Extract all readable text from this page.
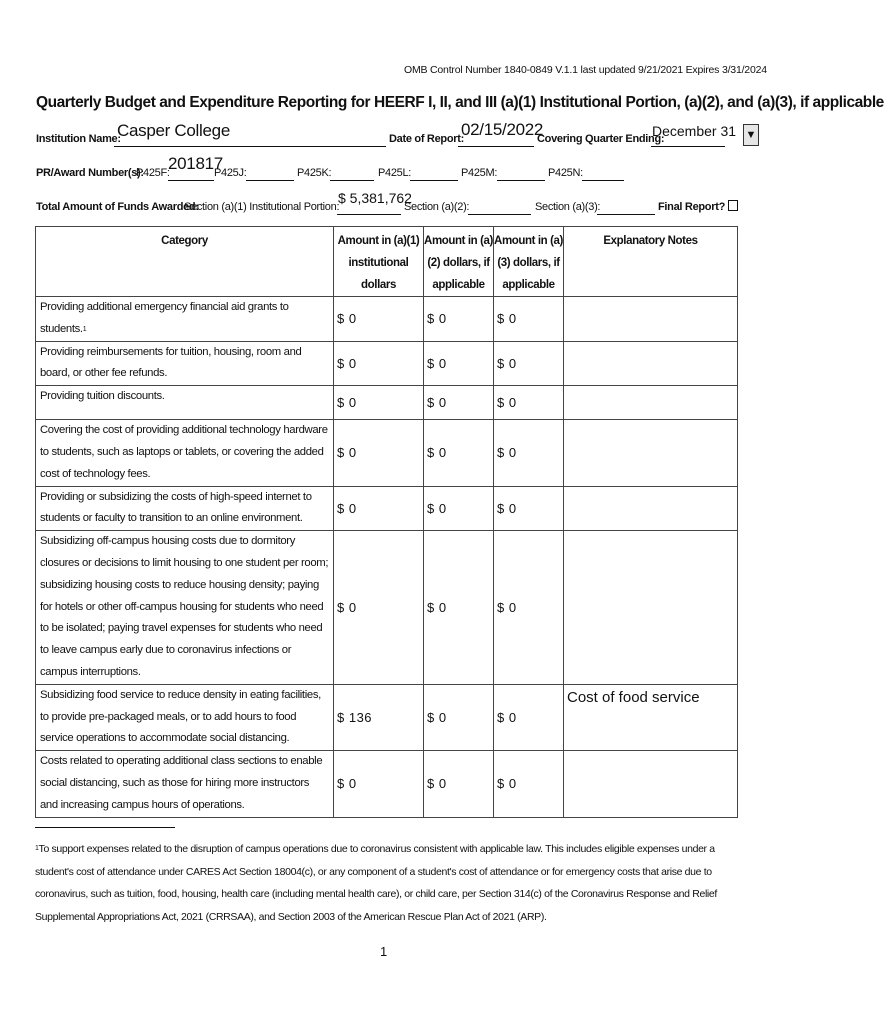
OMB Control Number 1840-0849 V.1.1 last updated 9/21/2021 Expires 3/31/2024
Quarterly Budget and Expenditure Reporting for HEERF I, II, and III (a)(1) Institutional Portion, (a)(2), and (a)(3), if applicable
Institution Name:
Casper College	Date of Report:
02/15/2022
Covering Quarter Ending:
December 31 ▼
PR/Award Number(s):
P425F:
201817
P425J:	P425K:	P425L:	P425M:	P425N:
Total Amount of Funds Awarded:
Section (a)(1) Institutional Portion:
$ 5,381,762
Section (a)(2):	Section (a)(3):	Final Report?
Category	Amount in (a)(1) institutional dollars	Amount in (a)(2) dollars, if applicable	Amount in (a)(3) dollars, if applicable	Explanatory Notes
Providing additional emergency financial aid grants to students.$^1$	$ 0	$ 0	$ 0	
Providing reimbursements for tuition, housing, room and board, or other fee refunds.	$ 0	$ 0	$ 0	
Providing tuition discounts.	$ 0	$ 0	$ 0	
Covering the cost of providing additional technology hardware to students, such as laptops or tablets, or covering the added cost of technology fees.	$ 0	$ 0	$ 0	
Providing or subsidizing the costs of high-speed internet to students or faculty to transition to an online environment.	$ 0	$ 0	$ 0	
Subsidizing off-campus housing costs due to dormitory closures or decisions to limit housing to one student per room; subsidizing housing costs to reduce housing density; paying for hotels or other off-campus housing for students who need to be isolated; paying travel expenses for students who need to leave campus early due to coronavirus infections or campus interruptions.	$ 0	$ 0	$ 0	
Subsidizing food service to reduce density in eating facilities, to provide pre-packaged meals, or to add hours to food service operations to accommodate social distancing.	$ 136	$ 0	$ 0	Cost of food service
Costs related to operating additional class sections to enable social distancing, such as those for hiring more instructors and increasing campus hours of operations.	$ 0	$ 0	$ 0	
$^1$To support expenses related to the disruption of campus operations due to coronavirus consistent with applicable law. This includes eligible expenses under a student's cost of attendance under CARES Act Section 18004(c), or any component of a student's cost of attendance or for emergency costs that arise due to coronavirus, such as tuition, food, housing, health care (including mental health care), or child care, per Section 314(c) of the Coronavirus Response and Relief Supplemental Appropriations Act, 2021 (CRRSAA), and Section 2003 of the American Rescue Plan Act of 2021 (ARP).
1
